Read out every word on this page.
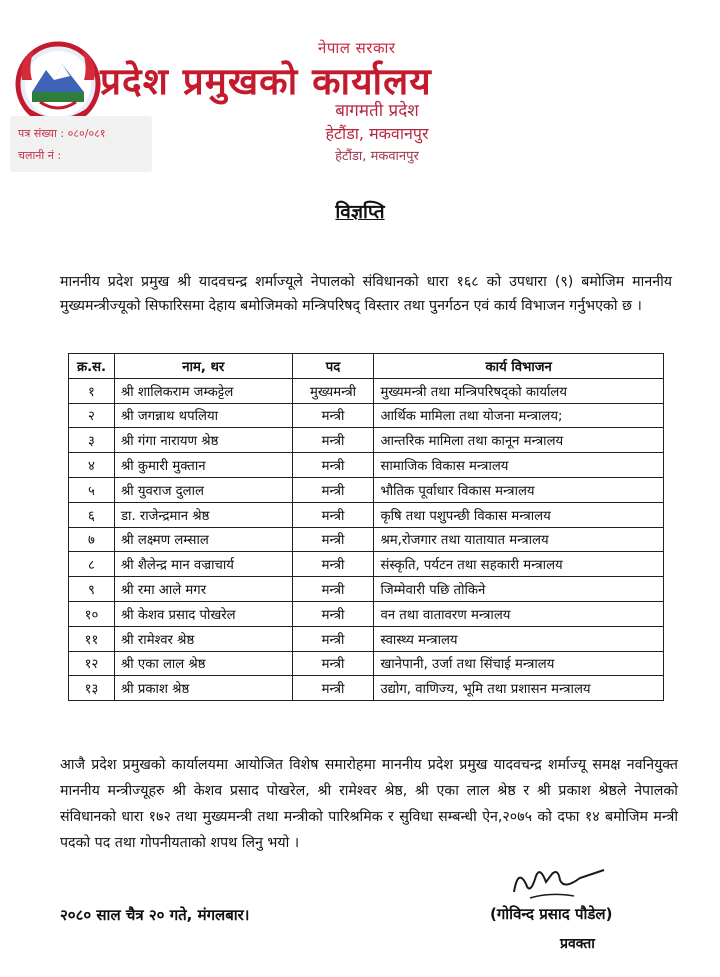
नेपाल सरकार
प्रदेश प्रमुखको कार्यालय
बागमती प्रदेश
हेटौंडा, मकवानपुर
हेटौंडा, मकवानपुर
पत्र संख्या : ०८०/०८१
चलानी नं :
विज्ञप्ति
माननीय प्रदेश प्रमुख श्री यादवचन्द्र शर्माज्यूले नेपालको संविधानको धारा १६८ को उपधारा (९) बमोजिम माननीय मुख्यमन्त्रीज्यूको सिफारिसमा देहाय बमोजिमको मन्त्रिपरिषद् विस्तार तथा पुनर्गठन एवं कार्य विभाजन गर्नुभएको छ ।
क्र.स.	नाम, थर	पद	कार्य विभाजन
१	श्री शालिकराम जम्कट्टेल	मुख्यमन्त्री	मुख्यमन्त्री तथा मन्त्रिपरिषद्को कार्यालय
२	श्री जगन्नाथ थपलिया	मन्त्री	आर्थिक मामिला तथा योजना मन्त्रालय;
३	श्री गंगा नारायण श्रेष्ठ	मन्त्री	आन्तरिक मामिला तथा कानून मन्त्रालय
४	श्री कुमारी मुक्तान	मन्त्री	सामाजिक विकास मन्त्रालय
५	श्री युवराज दुलाल	मन्त्री	भौतिक पूर्वाधार विकास मन्त्रालय
६	डा. राजेन्द्रमान श्रेष्ठ	मन्त्री	कृषि तथा पशुपन्छी विकास मन्त्रालय
७	श्री लक्ष्मण लम्साल	मन्त्री	श्रम,रोजगार तथा यातायात मन्त्रालय
८	श्री शैलेन्द्र मान वज्राचार्य	मन्त्री	संस्कृति, पर्यटन तथा सहकारी मन्त्रालय
९	श्री रमा आले मगर	मन्त्री	जिम्मेवारी पछि तोकिने
१०	श्री केशव प्रसाद पोखरेल	मन्त्री	वन तथा वातावरण मन्त्रालय
११	श्री रामेश्वर श्रेष्ठ	मन्त्री	स्वास्थ्य मन्त्रालय
१२	श्री एका लाल श्रेष्ठ	मन्त्री	खानेपानी, उर्जा तथा सिंचाई मन्त्रालय
१३	श्री प्रकाश श्रेष्ठ	मन्त्री	उद्योग, वाणिज्य, भूमि तथा प्रशासन मन्त्रालय
आजै प्रदेश प्रमुखको कार्यालयमा आयोजित विशेष समारोहमा माननीय प्रदेश प्रमुख यादवचन्द्र शर्माज्यू समक्ष नवनियुक्त माननीय मन्त्रीज्यूहरु श्री केशव प्रसाद पोखरेल, श्री रामेश्वर श्रेष्ठ, श्री एका लाल श्रेष्ठ र श्री प्रकाश श्रेष्ठले नेपालको संविधानको धारा १७२ तथा मुख्यमन्त्री तथा मन्त्रीको पारिश्रमिक र सुविधा सम्बन्धी ऐन,२०७५ को दफा १४ बमोजिम मन्त्री पदको पद तथा गोपनीयताको शपथ लिनु भयो ।
२०८० साल चैत्र २० गते, मंगलबार।	(गोविन्द प्रसाद पौडेल)
प्रवक्ता
